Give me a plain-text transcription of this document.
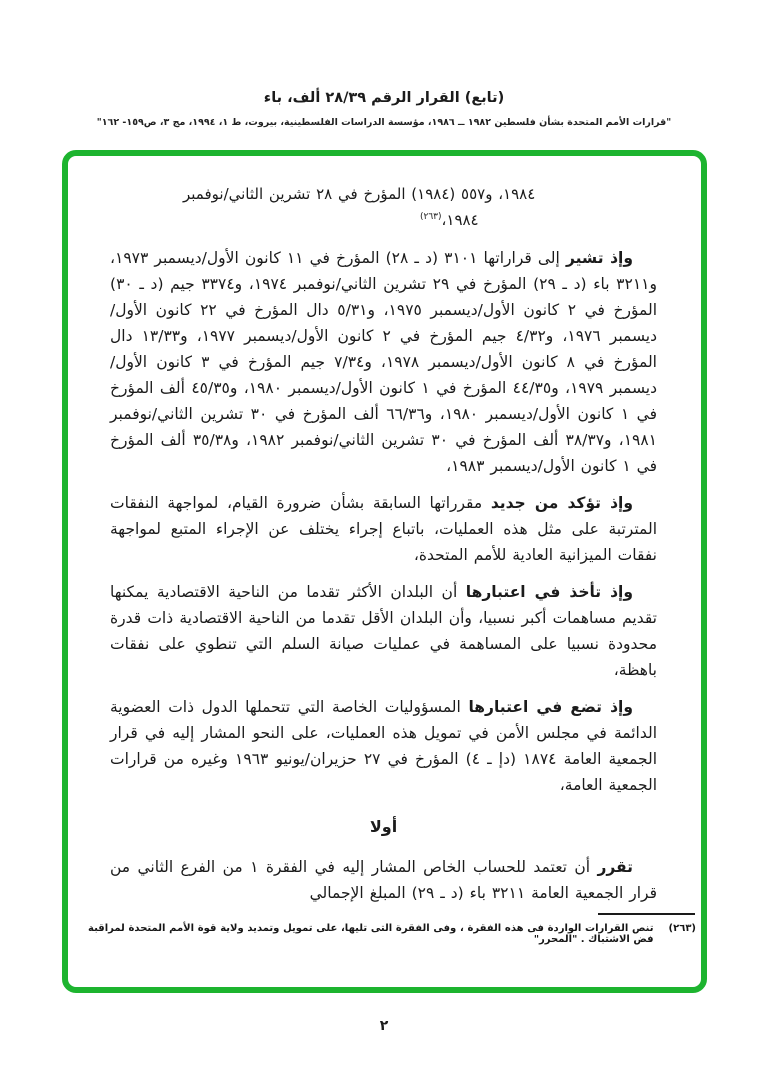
(تابع) القرار الرقم ٢٨/٣٩ ألف، باء
"قرارات الأمم المتحدة بشأن فلسطين ١٩٨٢ ــ ١٩٨٦، مؤسسة الدراسات الفلسطينية، بيروت، ط ١، ١٩٩٤، مج ٣، ص١٥٩- ١٦٢"
١٩٨٤، و٥٥٧ (١٩٨٤) المؤرخ في ٢٨ تشرين الثاني/نوفمبر
١٩٨٤،$^{(٢٦٣)}$

وإذ تشير إلى قراراتها ٣١٠١ (د ـ ٢٨) المؤرخ في ١١ كانون الأول/ديسمبر ١٩٧٣، و٣٢١١ باء (د ـ ٢٩) المؤرخ في ٢٩ تشرين الثاني/نوفمبر ١٩٧٤، و٣٣٧٤ جيم (د ـ ٣٠) المؤرخ في ٢ كانون الأول/ديسمبر ١٩٧٥، و٥/٣١ دال المؤرخ في ٢٢ كانون الأول/ديسمبر ١٩٧٦، و٤/٣٢ جيم المؤرخ في ٢ كانون الأول/ديسمبر ١٩٧٧، و١٣/٣٣ دال المؤرخ في ٨ كانون الأول/ديسمبر ١٩٧٨، و٧/٣٤ جيم المؤرخ في ٣ كانون الأول/ديسمبر ١٩٧٩، و٤٤/٣٥ المؤرخ في ١ كانون الأول/ديسمبر ١٩٨٠، و٤٥/٣٥ ألف المؤرخ في ١ كانون الأول/ديسمبر ١٩٨٠، و٦٦/٣٦ ألف المؤرخ في ٣٠ تشرين الثاني/نوفمبر ١٩٨١، و٣٨/٣٧ ألف المؤرخ في ٣٠ تشرين الثاني/نوفمبر ١٩٨٢، و٣٥/٣٨ ألف المؤرخ في ١ كانون الأول/ديسمبر ١٩٨٣،

وإذ تؤكد من جديد مقرراتها السابقة بشأن ضرورة القيام، لمواجهة النفقات المترتبة على مثل هذه العمليات، باتباع إجراء يختلف عن الإجراء المتبع لمواجهة نفقات الميزانية العادية للأمم المتحدة،

وإذ تأخذ في اعتبارها أن البلدان الأكثر تقدما من الناحية الاقتصادية يمكنها تقديم مساهمات أكبر نسبيا، وأن البلدان الأقل تقدما من الناحية الاقتصادية ذات قدرة محدودة نسبيا على المساهمة في عمليات صيانة السلم التي تنطوي على نفقات باهظة،

وإذ تضع في اعتبارها المسؤوليات الخاصة التي تتحملها الدول ذات العضوية الدائمة في مجلس الأمن في تمويل هذه العمليات، على النحو المشار إليه في قرار الجمعية العامة ١٨٧٤ (دإ ـ ٤) المؤرخ في ٢٧ حزيران/يونيو ١٩٦٣ وغيره من قرارات الجمعية العامة،

أولا

تقرر أن تعتمد للحساب الخاص المشار إليه في الفقرة ١ من الفرع الثاني من قرار الجمعية العامة ٣٢١١ باء (د ـ ٢٩) المبلغ الإجمالي

(٢٦٣)
تنص القرارات الواردة فى هذه الفقرة ، وفى الفقرة التى تليها، على تمويل وتمديد ولاية قوة الأمم المتحدة لمراقبة فض الاشتباك . "المحرر"
٢
